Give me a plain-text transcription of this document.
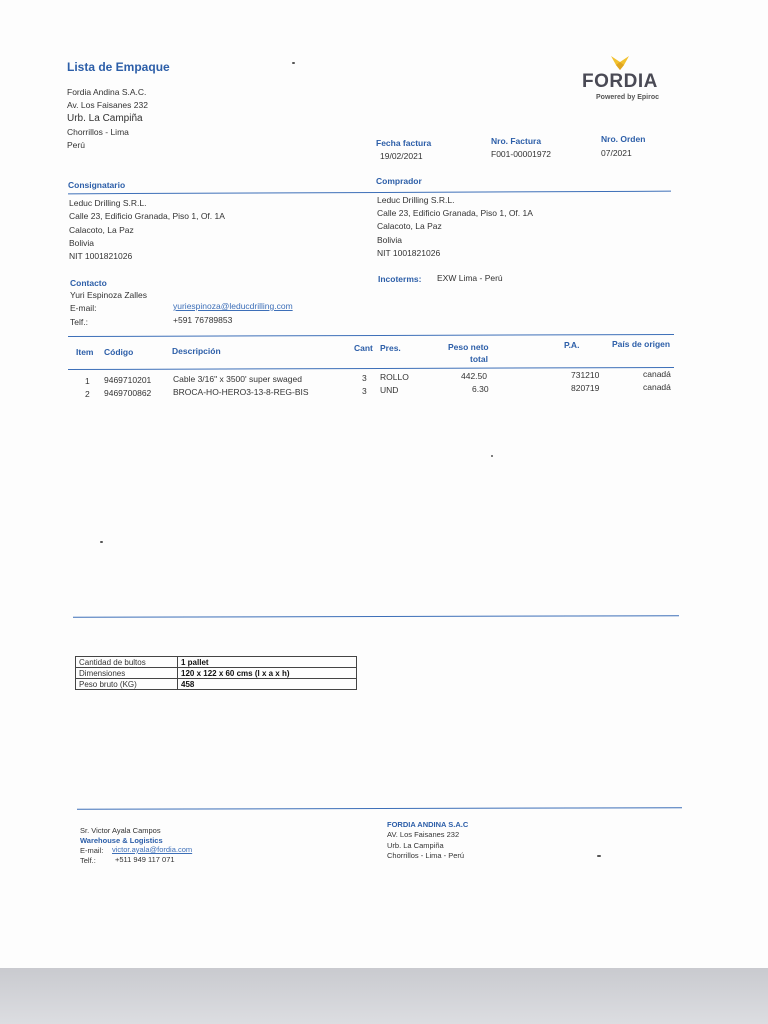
Lista de Empaque
Fordia Andina S.A.C.
Av. Los Faisanes 232
Urb. La Campiña
Chorrillos - Lima
Perú
FORDIA
Powered by Epiroc
Fecha factura
19/02/2021
Nro. Factura
F001-00001972
Nro. Orden
07/2021
Consignatario	Comprador
Leduc Drilling S.R.L.
Calle 23, Edificio Granada, Piso 1, Of. 1A
Calacoto, La Paz
Bolivia
NIT 1001821026
Leduc Drilling S.R.L.
Calle 23, Edificio Granada, Piso 1, Of. 1A
Calacoto, La Paz
Bolivia
NIT 1001821026
Contacto
Yuri Espinoza Zalles
E-mail:	yuriespinoza@leducdrilling.com
Telf.:	+591 76789853
Incoterms: EXW Lima - Perú
Item Código	Descripción	Cant Pres.	Peso neto
total
P.A.	País de origen
1 9469710201	Cable 3/16" x 3500' super swaged	3 ROLLO	442.50	731210	canadá
2 9469700862	BROCA-HO-HERO3-13-8-REG-BIS	3 UND	6.30	820719	canadá
Cantidad de bultos	1 pallet
Dimensiones	120 x 122 x 60 cms (l x a x h)
Peso bruto (KG)	458
Sr. Victor Ayala Campos
Warehouse & Logistics
E-mail: victor.ayala@fordia.com
Telf.:	+511 949 117 071
FORDIA ANDINA S.A.C
AV. Los Faisanes 232
Urb. La Campiña
Chorrillos - Lima - Perú
